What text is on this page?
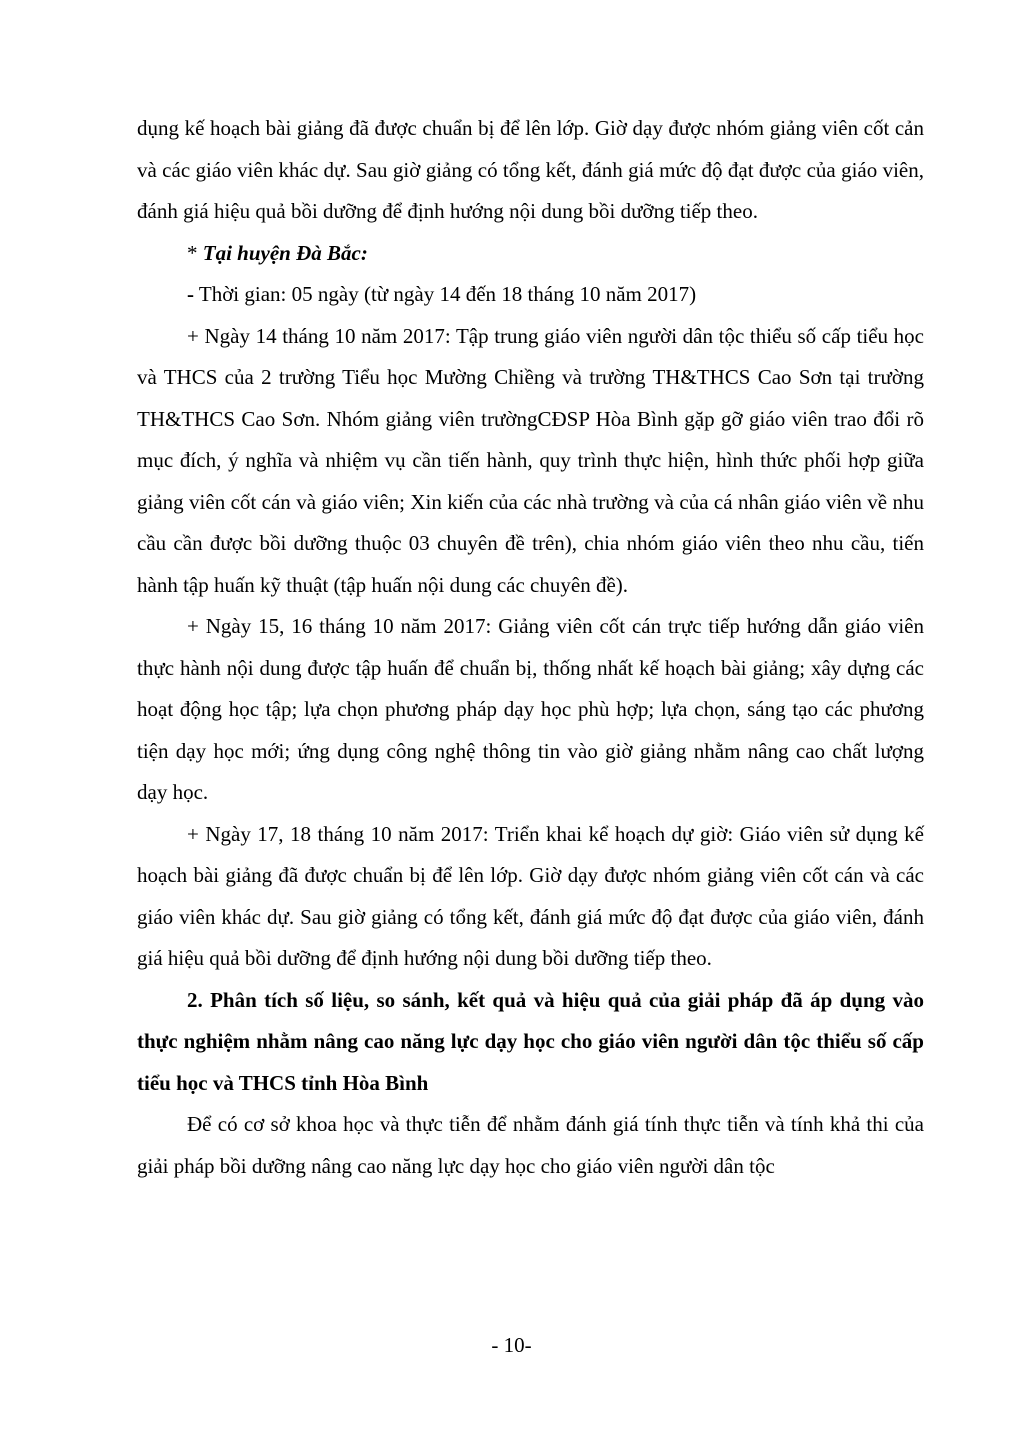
dụng kế hoạch bài giảng đã được chuẩn bị để lên lớp. Giờ dạy được nhóm giảng viên cốt cản và các giáo viên khác dự. Sau giờ giảng có tổng kết, đánh giá mức độ đạt được của giáo viên, đánh giá hiệu quả bồi dưỡng để định hướng nội dung bồi dưỡng tiếp theo.

* Tại huyện Đà Bắc:

- Thời gian: 05 ngày (từ ngày 14 đến 18 tháng 10 năm 2017)

+ Ngày 14 tháng 10 năm 2017: Tập trung giáo viên người dân tộc thiểu số cấp tiểu học và THCS của 2 trường Tiểu học Mường Chiềng và trường TH&THCS Cao Sơn tại trường TH&THCS Cao Sơn. Nhóm giảng viên trườngCĐSP Hòa Bình gặp gỡ giáo viên trao đổi rõ mục đích, ý nghĩa và nhiệm vụ cần tiến hành, quy trình thực hiện, hình thức phối hợp giữa giảng viên cốt cán và giáo viên; Xin kiến của các nhà trường và của cá nhân giáo viên về nhu cầu cần được bồi dưỡng thuộc 03 chuyên đề trên), chia nhóm giáo viên theo nhu cầu, tiến hành tập huấn kỹ thuật (tập huấn nội dung các chuyên đề).

+ Ngày 15, 16 tháng 10 năm 2017: Giảng viên cốt cán trực tiếp hướng dẫn giáo viên thực hành nội dung được tập huấn để chuẩn bị, thống nhất kế hoạch bài giảng; xây dựng các hoạt động học tập; lựa chọn phương pháp dạy học phù hợp; lựa chọn, sáng tạo các phương tiện dạy học mới; ứng dụng công nghệ thông tin vào giờ giảng nhằm nâng cao chất lượng dạy học.

+ Ngày 17, 18 tháng 10 năm 2017: Triển khai kể hoạch dự giờ: Giáo viên sử dụng kế hoạch bài giảng đã được chuẩn bị để lên lớp. Giờ dạy được nhóm giảng viên cốt cán và các giáo viên khác dự. Sau giờ giảng có tổng kết, đánh giá mức độ đạt được của giáo viên, đánh giá hiệu quả bồi dưỡng để định hướng nội dung bồi dưỡng tiếp theo.

2. Phân tích số liệu, so sánh, kết quả và hiệu quả của giải pháp đã áp dụng vào thực nghiệm nhằm nâng cao năng lực dạy học cho giáo viên người dân tộc thiểu số cấp tiểu học và THCS tỉnh Hòa Bình

Để có cơ sở khoa học và thực tiễn để nhằm đánh giá tính thực tiễn và tính khả thi của giải pháp bồi dưỡng nâng cao năng lực dạy học cho giáo viên người dân tộc

- 10-
